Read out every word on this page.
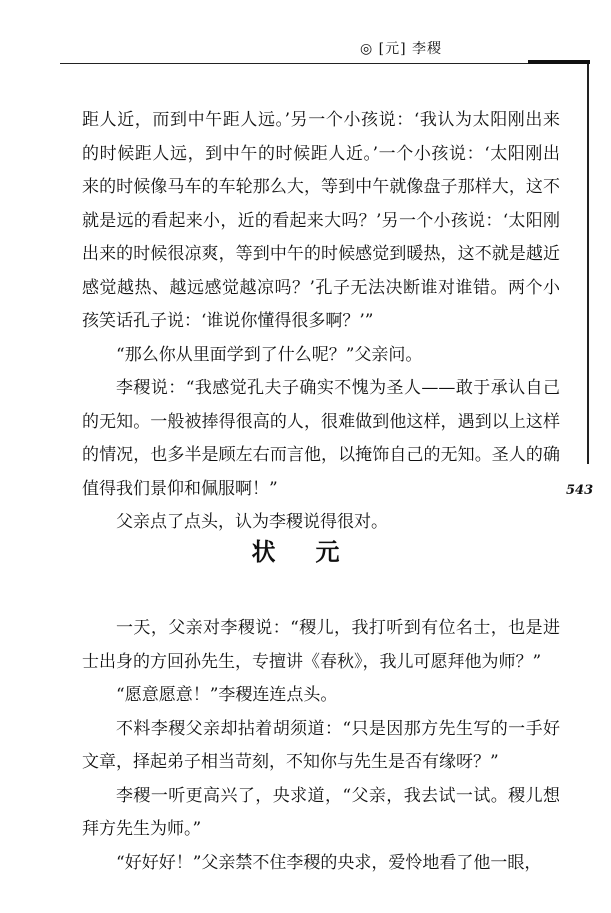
◎ [元] 李稷

距人近，而到中午距人远。’另一个小孩说：‘我认为太阳刚出来的时候距人远，到中午的时候距人近。’一个小孩说：‘太阳刚出来的时候像马车的车轮那么大，等到中午就像盘子那样大，这不就是远的看起来小，近的看起来大吗？’另一个小孩说：‘太阳刚出来的时候很凉爽，等到中午的时候感觉到暖热，这不就是越近感觉越热、越远感觉越凉吗？’孔子无法决断谁对谁错。两个小孩笑话孔子说：‘谁说你懂得很多啊？’”

“那么你从里面学到了什么呢？”父亲问。

李稷说：“我感觉孔夫子确实不愧为圣人——敢于承认自己的无知。一般被捧得很高的人，很难做到他这样，遇到以上这样的情况，也多半是顾左右而言他，以掩饰自己的无知。圣人的确值得我们景仰和佩服啊！”

父亲点了点头，认为李稷说得很对。

543
状元

一天，父亲对李稷说：“稷儿，我打听到有位名士，也是进士出身的方回孙先生，专擅讲《春秋》，我儿可愿拜他为师？”

“愿意愿意！”李稷连连点头。

不料李稷父亲却拈着胡须道：“只是因那方先生写的一手好文章，择起弟子相当苛刻，不知你与先生是否有缘呀？”

李稷一听更高兴了，央求道，“父亲，我去试一试。稷儿想拜方先生为师。”

“好好好！”父亲禁不住李稷的央求，爱怜地看了他一眼，
